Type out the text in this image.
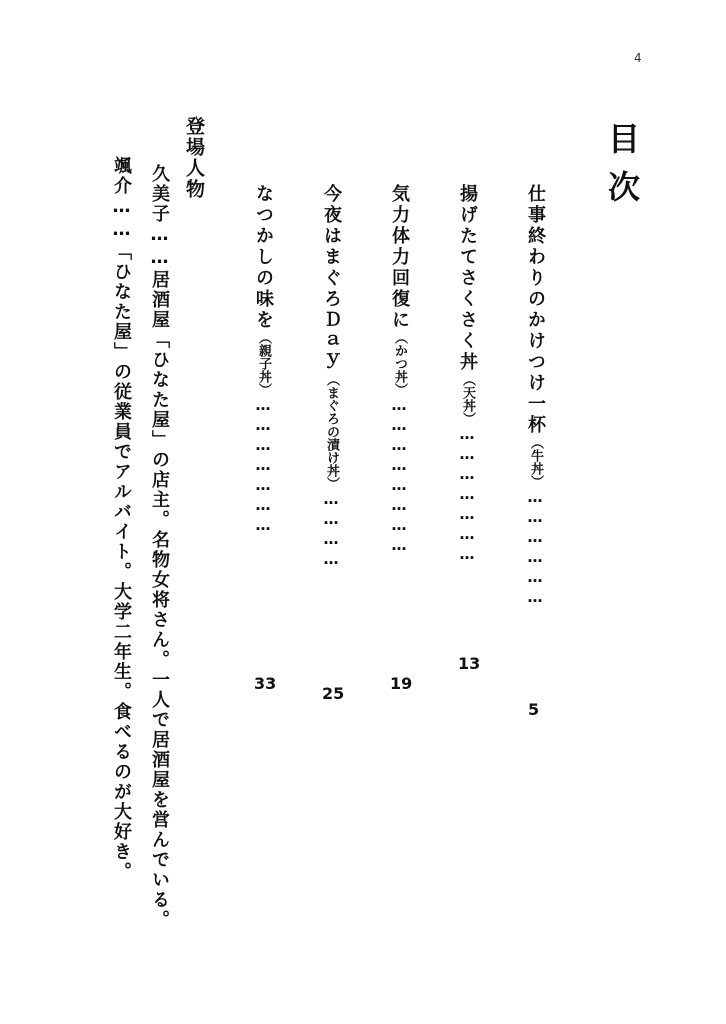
4
目次
仕事終わりのかけつけ一杯（牛丼）………………
5
揚げたてさくさく丼（天丼）…………………
13
気力体力回復に（かつ丼）……………………
19
今夜はまぐろＤａｙ（まぐろの漬け丼）…………
25
なつかしの味を（親子丼）…………………
33
登場人物
久美子……居酒屋「ひなた屋」の店主。名物女将さん。一人で居酒屋を営んでいる。
颯介……「ひなた屋」の従業員でアルバイト。大学二年生。食べるのが大好き。
